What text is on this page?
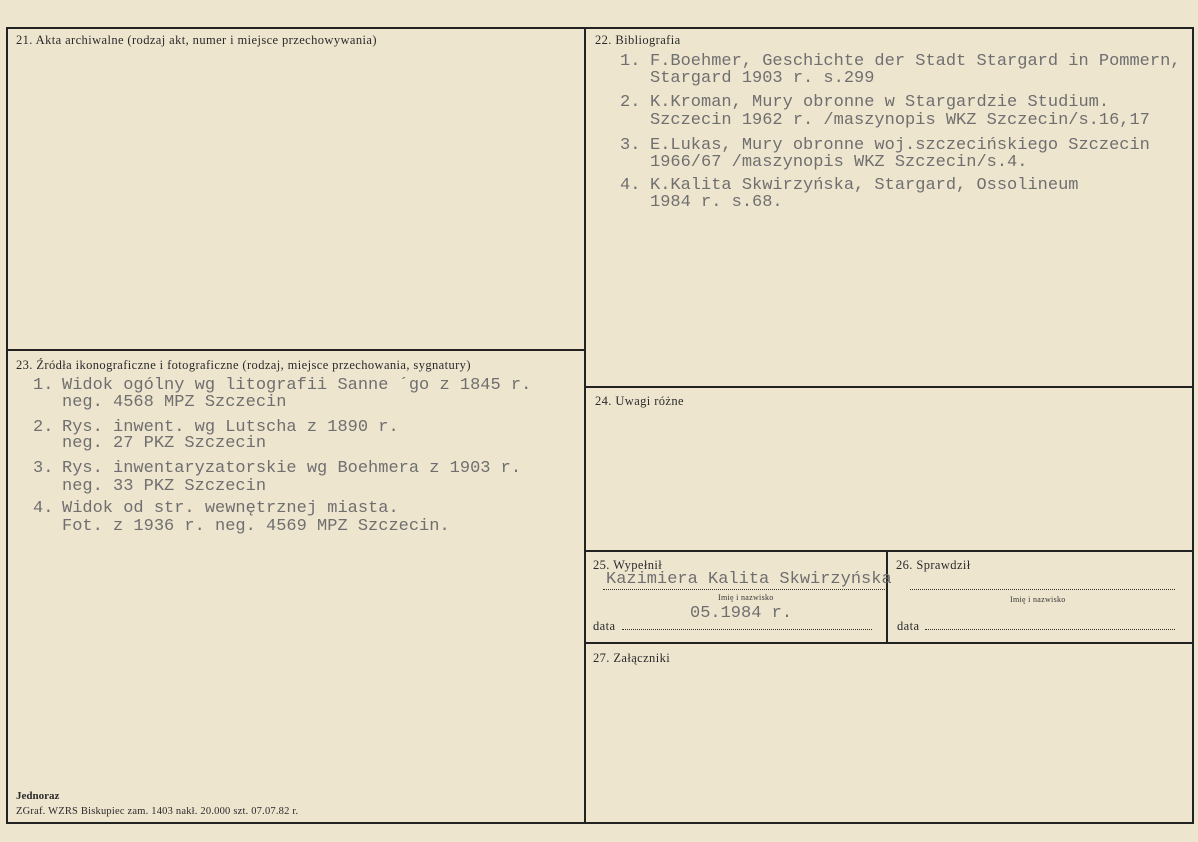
21. Akta archiwalne (rodzaj akt, numer i miejsce przechowywania)	22. Bibliografia
1. F.Boehmer, Geschichte der Stadt Stargard in Pommern,
Stargard 1903 r. s.299
2. K.Kroman, Mury obronne w Stargardzie Studium.
Szczecin 1962 r. /maszynopis WKZ Szczecin/s.16,17
3. E.Lukas, Mury obronne woj.szczecińskiego Szczecin
1966/67 /maszynopis WKZ Szczecin/s.4.
4. K.Kalita Skwirzyńska, Stargard, Ossolineum
1984 r. s.68.
23. Źródła ikonograficzne i fotograficzne (rodzaj, miejsce przechowania, sygnatury)
1. Widok ogólny wg litografii Sanne ´go z 1845 r.
neg. 4568 MPZ Szczecin
2. Rys. inwent. wg Lutscha z 1890 r.
neg. 27 PKZ Szczecin
3. Rys. inwentaryzatorskie wg Boehmera z 1903 r.
neg. 33 PKZ Szczecin
4. Widok od str. wewnętrznej miasta.
Fot. z 1936 r. neg. 4569 MPZ Szczecin.
24. Uwagi różne
25. Wypełnił
Kazimiera Kalita Skwirzyńska
Imię i nazwisko
05.1984 r.
data
26. Sprawdził
Imię i nazwisko
data
27. Załączniki
Jednoraz
ZGraf. WZRS Biskupiec zam. 1403 nakł. 20.000 szt. 07.07.82 r.
